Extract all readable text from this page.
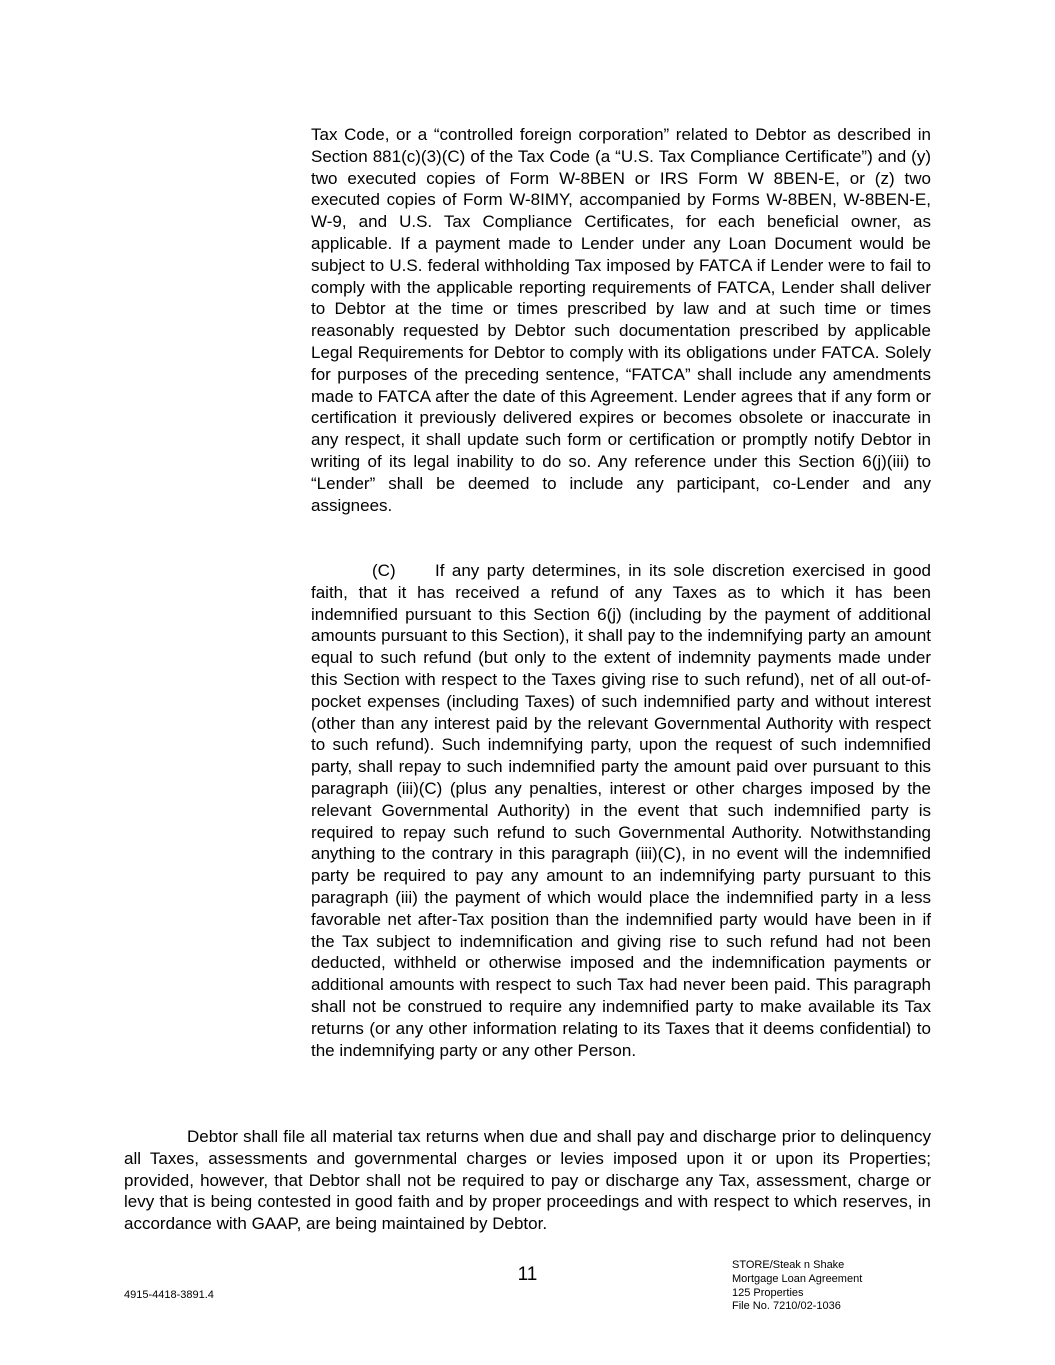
Tax Code, or a “controlled foreign corporation” related to Debtor as described in Section 881(c)(3)(C) of the Tax Code (a “U.S. Tax Compliance Certificate”) and (y) two executed copies of Form W-8BEN or IRS Form W 8BEN-E, or (z) two executed copies of Form W-8IMY, accompanied by Forms W-8BEN, W-8BEN-E, W-9, and U.S. Tax Compliance Certificates, for each beneficial owner, as applicable. If a payment made to Lender under any Loan Document would be subject to U.S. federal withholding Tax imposed by FATCA if Lender were to fail to comply with the applicable reporting requirements of FATCA, Lender shall deliver to Debtor at the time or times prescribed by law and at such time or times reasonably requested by Debtor such documentation prescribed by applicable Legal Requirements for Debtor to comply with its obligations under FATCA. Solely for purposes of the preceding sentence, “FATCA” shall include any amendments made to FATCA after the date of this Agreement. Lender agrees that if any form or certification it previously delivered expires or becomes obsolete or inaccurate in any respect, it shall update such form or certification or promptly notify Debtor in writing of its legal inability to do so. Any reference under this Section 6(j)(iii) to “Lender” shall be deemed to include any participant, co-Lender and any assignees.

(C) If any party determines, in its sole discretion exercised in good faith, that it has received a refund of any Taxes as to which it has been indemnified pursuant to this Section 6(j) (including by the payment of additional amounts pursuant to this Section), it shall pay to the indemnifying party an amount equal to such refund (but only to the extent of indemnity payments made under this Section with respect to the Taxes giving rise to such refund), net of all out-of-pocket expenses (including Taxes) of such indemnified party and without interest (other than any interest paid by the relevant Governmental Authority with respect to such refund). Such indemnifying party, upon the request of such indemnified party, shall repay to such indemnified party the amount paid over pursuant to this paragraph (iii)(C) (plus any penalties, interest or other charges imposed by the relevant Governmental Authority) in the event that such indemnified party is required to repay such refund to such Governmental Authority. Notwithstanding anything to the contrary in this paragraph (iii)(C), in no event will the indemnified party be required to pay any amount to an indemnifying party pursuant to this paragraph (iii) the payment of which would place the indemnified party in a less favorable net after-Tax position than the indemnified party would have been in if the Tax subject to indemnification and giving rise to such refund had not been deducted, withheld or otherwise imposed and the indemnification payments or additional amounts with respect to such Tax had never been paid. This paragraph shall not be construed to require any indemnified party to make available its Tax returns (or any other information relating to its Taxes that it deems confidential) to the indemnifying party or any other Person.

Debtor shall file all material tax returns when due and shall pay and discharge prior to delinquency all Taxes, assessments and governmental charges or levies imposed upon it or upon its Properties; provided, however, that Debtor shall not be required to pay or discharge any Tax, assessment, charge or levy that is being contested in good faith and by proper proceedings and with respect to which reserves, in accordance with GAAP, are being maintained by Debtor.

11
4915-4418-3891.4
STORE/Steak n Shake
Mortgage Loan Agreement
125 Properties
File No. 7210/02-1036
